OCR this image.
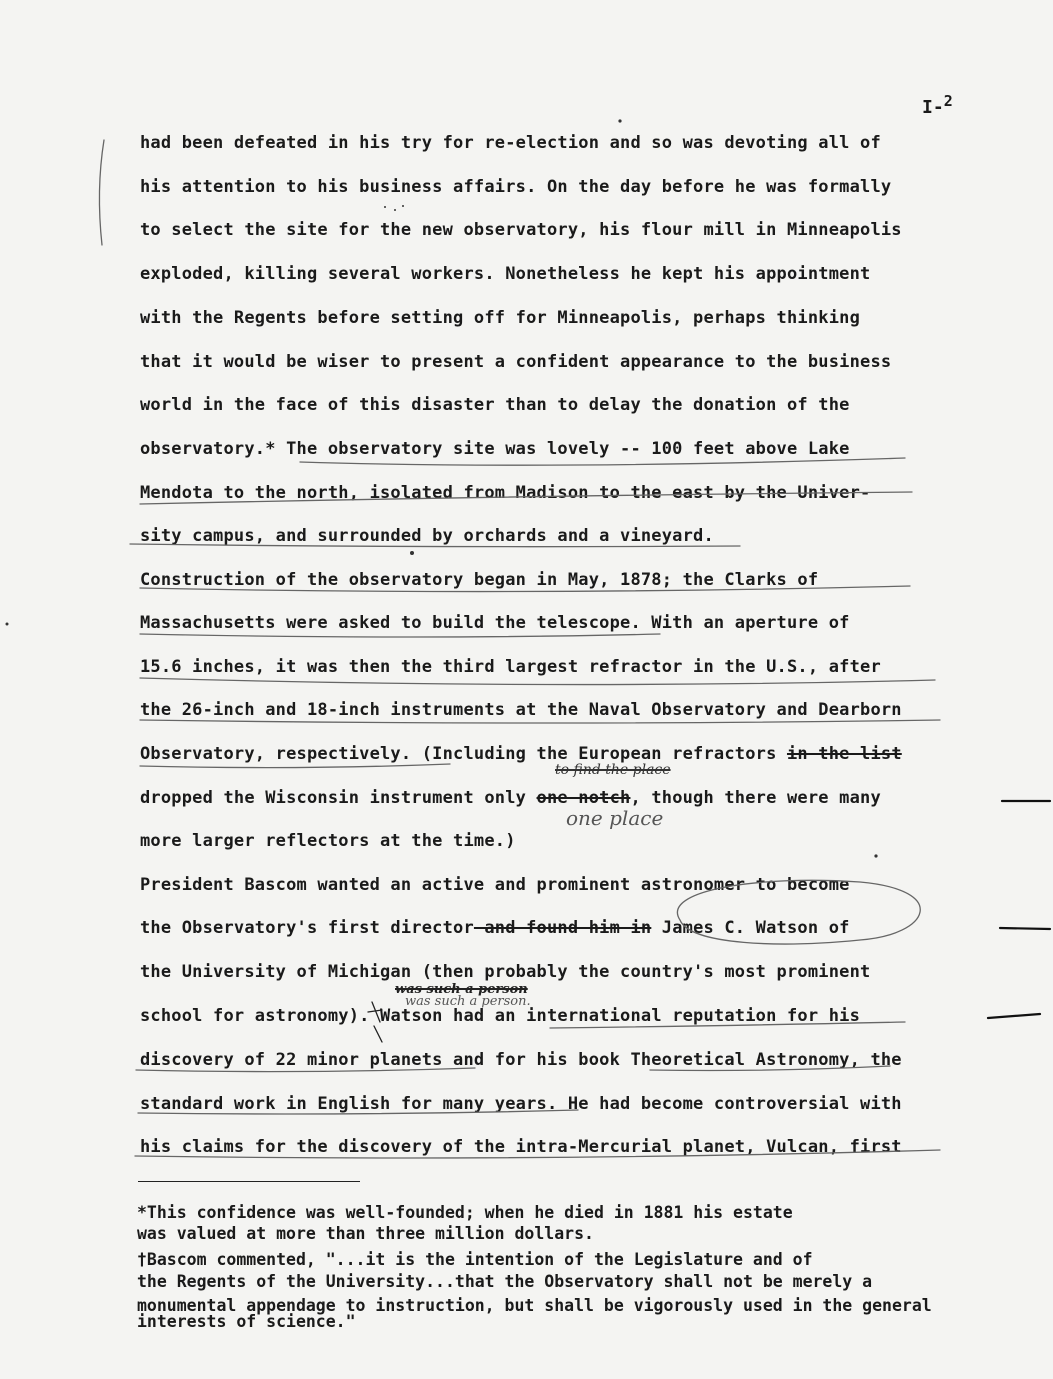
I-$^2$
had been defeated in his try for re-election and so was devoting all of
his attention to his business affairs. On the day before he was formally
to select the site for the new observatory, his flour mill in Minneapolis
exploded, killing several workers. Nonetheless he kept his appointment
with the Regents before setting off for Minneapolis, perhaps thinking
that it would be wiser to present a confident appearance to the business
world in the face of this disaster than to delay the donation of the
observatory.* The observatory site was lovely -- 100 feet above Lake
Mendota to the north, isolated from Madison to the east by the Univer-
sity campus, and surrounded by orchards and a vineyard.
Construction of the observatory began in May, 1878; the Clarks of
Massachusetts were asked to build the telescope. With an aperture of
15.6 inches, it was then the third largest refractor in the U.S., after
the 26-inch and 18-inch instruments at the Naval Observatory and Dearborn
Observatory, respectively. (Including the European refractors in the list
to find the place
dropped the Wisconsin instrument only one notch, though there were many
one place
more larger reflectors at the time.)
President Bascom wanted an active and prominent astronomer to become
the Observatory's first director and found him in James C. Watson of
the University of Michigan (then probably the country's most prominent
was such a person
was such a person.
school for astronomy). Watson had an international reputation for his
discovery of 22 minor planets and for his book Theoretical Astronomy, the
standard work in English for many years. He had become controversial with
his claims for the discovery of the intra-Mercurial planet, Vulcan, first
*This confidence was well-founded; when he died in 1881 his estate
was valued at more than three million dollars.
†Bascom commented, "...it is the intention of the Legislature and of
the Regents of the University...that the Observatory shall not be merely a
monumental appendage to instruction, but shall be vigorously used in the general
interests of science."
